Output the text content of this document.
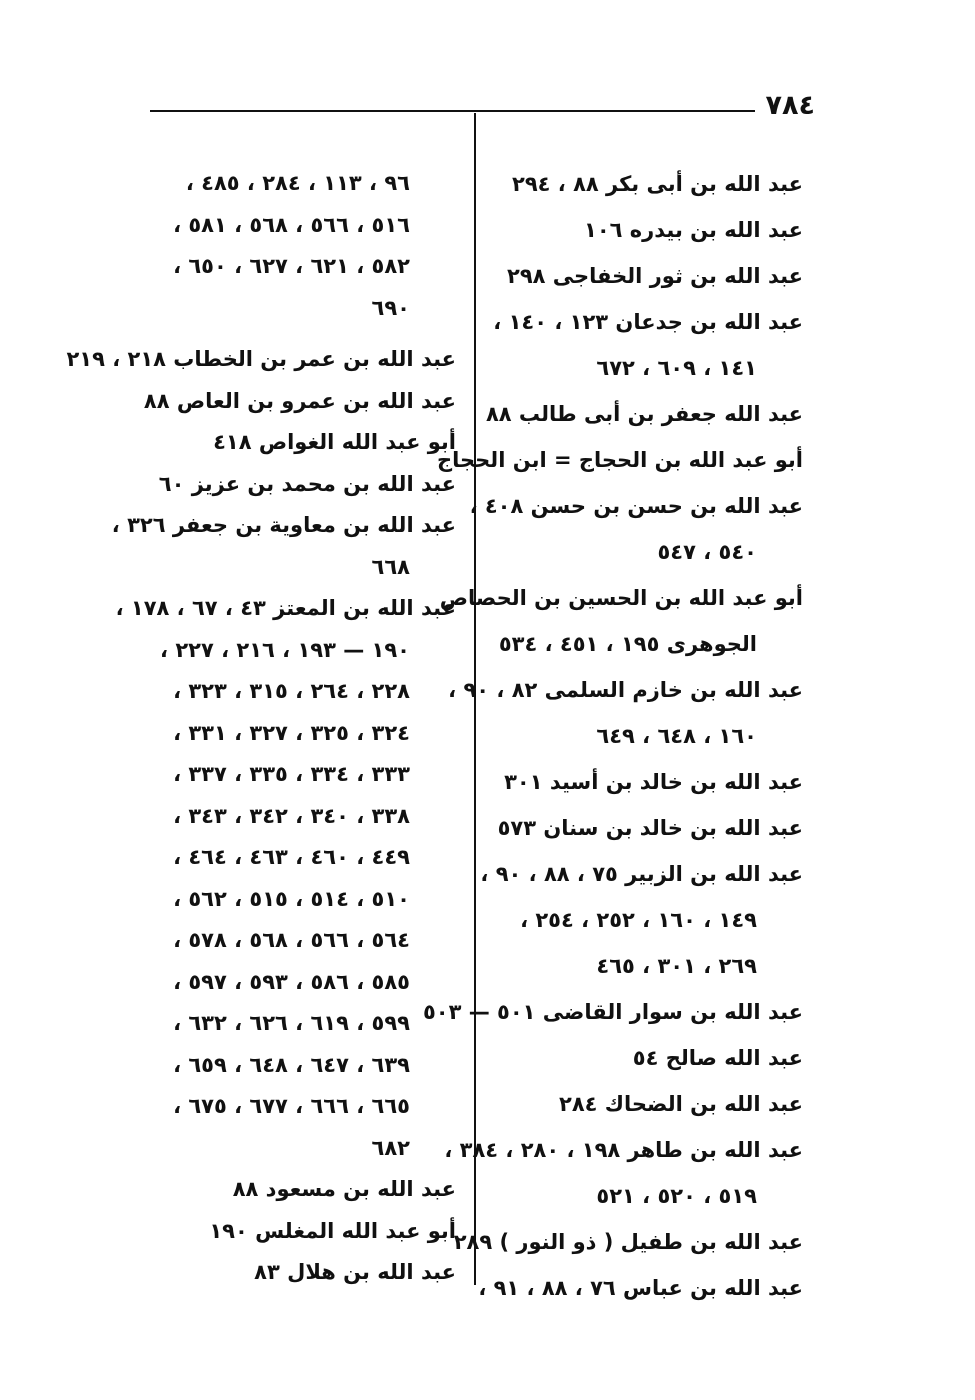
٧٨٤
عبد الله بن أبى بكر ٨٨ ، ٢٩٤
عبد الله بن بيدره ١٠٦
عبد الله بن ثور الخفاجى ٢٩٨
عبد الله بن جدعان ١٢٣ ، ١٤٠ ،
١٤١ ، ٦٠٩ ، ٦٧٢
عبد الله جعفر بن أبى طالب ٨٨
أبو عبد الله بن الحجاج = ابن الحجاج
عبد الله بن حسن بن حسن ٤٠٨ ،
٥٤٠ ، ٥٤٧
أبو عبد الله بن الحسين بن الحصاص
الجوهرى ١٩٥ ، ٤٥١ ، ٥٣٤
عبد الله بن خازم السلمى ٨٢ ، ٩٠ ،
١٦٠ ، ٦٤٨ ، ٦٤٩
عبد الله بن خالد بن أسيد ٣٠١
عبد الله بن خالد بن سنان ٥٧٣
عبد الله بن الزبير ٧٥ ، ٨٨ ، ٩٠ ،
١٤٩ ، ١٦٠ ، ٢٥٢ ، ٢٥٤ ،
٢٦٩ ، ٣٠١ ، ٤٦٥
عبد الله بن سوار القاضى ٥٠١ — ٥٠٣
عبد الله صالح ٥٤
عبد الله بن الضحاك ٢٨٤
عبد الله بن طاهر ١٩٨ ، ٢٨٠ ، ٣٨٤ ،
٥١٩ ، ٥٢٠ ، ٥٢١
عبد الله بن طفيل ( ذو النور ) ٢٨٩
عبد الله بن عباس ٧٦ ، ٨٨ ، ٩١ ،
٩٦ ، ١١٣ ، ٢٨٤ ، ٤٨٥ ،
٥١٦ ، ٥٦٦ ، ٥٦٨ ، ٥٨١ ،
٥٨٢ ، ٦٢١ ، ٦٢٧ ، ٦٥٠ ،
٦٩٠
عبد الله بن عمر بن الخطاب ٢١٨ ، ٢١٩
عبد الله بن عمرو بن العاص ٨٨
أبو عبد الله الغواص ٤١٨
عبد الله بن محمد بن عزيز ٦٠
عبد الله بن معاوية بن جعفر ٣٢٦ ،
٦٦٨
عبد الله بن المعتز ٤٣ ، ٦٧ ، ١٧٨ ،
١٩٠ — ١٩٣ ، ٢١٦ ، ٢٢٧ ،
٢٢٨ ، ٢٦٤ ، ٣١٥ ، ٣٢٣ ،
٣٢٤ ، ٣٢٥ ، ٣٢٧ ، ٣٣١ ،
٣٣٣ ، ٣٣٤ ، ٣٣٥ ، ٣٣٧ ،
٣٣٨ ، ٣٤٠ ، ٣٤٢ ، ٣٤٣ ،
٤٤٩ ، ٤٦٠ ، ٤٦٣ ، ٤٦٤ ،
٥١٠ ، ٥١٤ ، ٥١٥ ، ٥٦٢ ،
٥٦٤ ، ٥٦٦ ، ٥٦٨ ، ٥٧٨ ،
٥٨٥ ، ٥٨٦ ، ٥٩٣ ، ٥٩٧ ،
٥٩٩ ، ٦١٩ ، ٦٢٦ ، ٦٣٢ ،
٦٣٩ ، ٦٤٧ ، ٦٤٨ ، ٦٥٩ ،
٦٦٥ ، ٦٦٦ ، ٦٧٧ ، ٦٧٥ ،
٦٨٢
عبد الله بن مسعود ٨٨
أبو عبد الله المغلس ١٩٠
عبد الله بن هلال ٨٣
